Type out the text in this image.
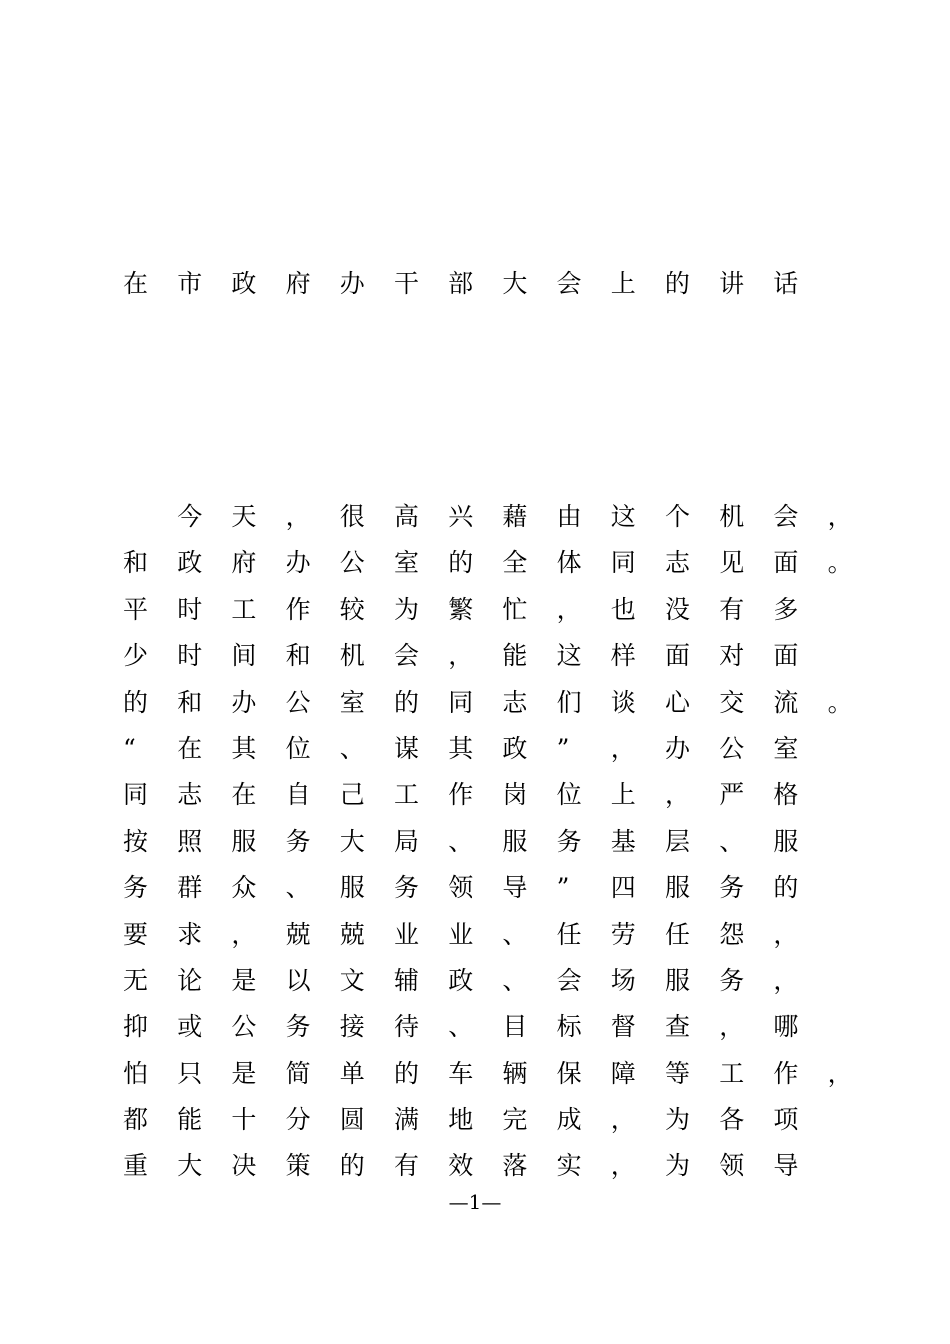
在	市	政	府	办	干	部	大	会	上	的	讲	话

今 天 ， 很 高 兴 藉 由 这 个 机 会 ，
和 政 府 办 公 室 的 全 体 同 志 见 面 。
平 时 工 作 较 为 繁 忙 ， 也 没 有 多
少 时 间 和 机 会 ， 能 这 样 面 对 面
的 和 办 公 室 的 同 志 们 谈 心 交 流 。
“	在 其 位 、 谋 其 政 ”	， 办 公 室
同 志 在 自 己 工 作 岗 位 上 ， 严 格
按 照 服 务 大 局 、 服 务 基 层 、 服
务 群 众 、 服 务 领 导 ”	四 服 务 的
要 求 ， 兢 兢 业 业 、 任 劳 任 怨 ，
无 论 是 以 文 辅 政 、 会 场 服 务 ，
抑 或 公 务 接 待 、 目 标 督 查 ， 哪
怕 只 是 简 单 的 车 辆 保 障 等 工 作 ，
都 能 十 分 圆 满 地 完 成 ， 为 各 项
重 大 决 策 的 有 效 落 实 ， 为 领 导
—1—
